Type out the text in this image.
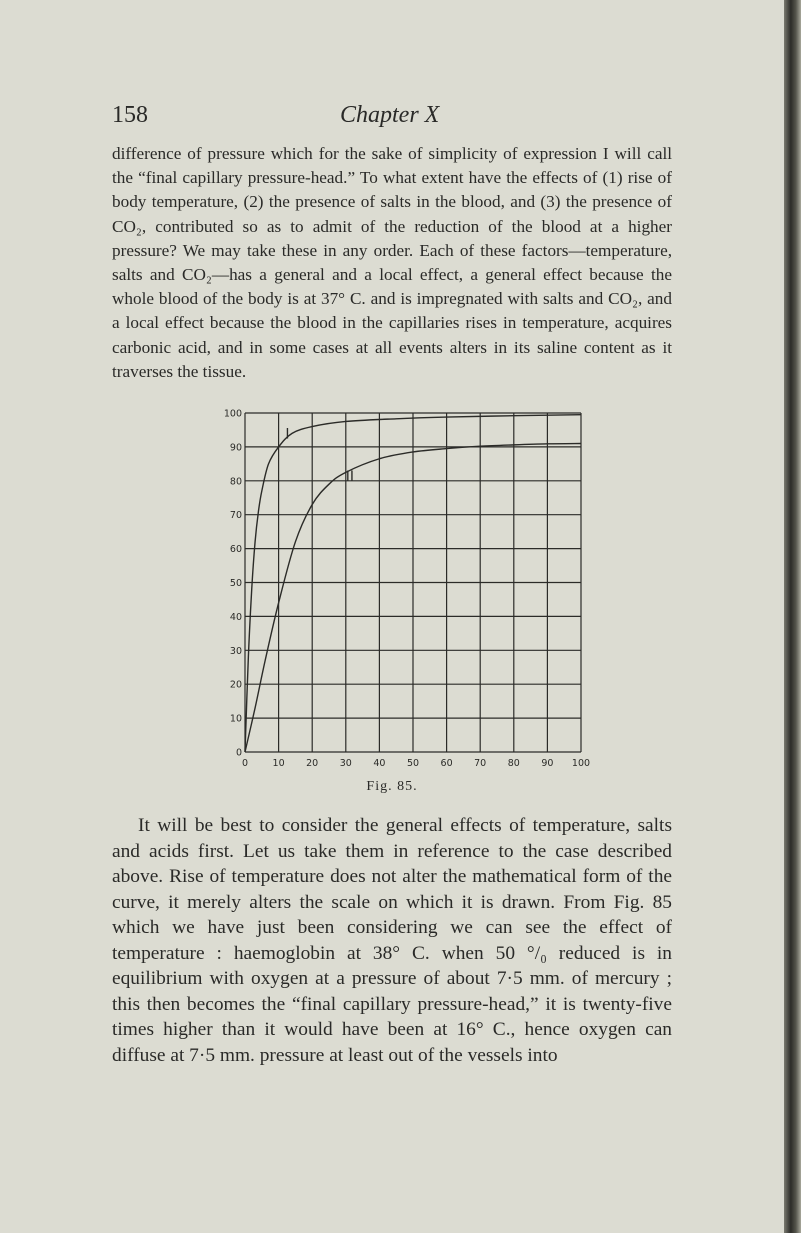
158	Chapter X

difference of pressure which for the sake of simplicity of expression I will call the “final capillary pressure-head.” To what extent have the effects of (1) rise of body temperature, (2) the presence of salts in the blood, and (3) the presence of CO₂, contributed so as to admit of the reduction of the blood at a higher pressure? We may take these in any order. Each of these factors—temperature, salts and CO₂—has a general and a local effect, a general effect because the whole blood of the body is at 37° C. and is impregnated with salts and CO₂, and a local effect because the blood in the capillaries rises in temperature, acquires carbonic acid, and in some cases at all events alters in its saline content as it traverses the tissue.

0	10 20 30 40 50 60 70 80 90 100
0
10
20
30
40
50
60
70
80
90
100
I
II
Fig. 85.

It will be best to consider the general effects of temperature, salts and acids first. Let us take them in reference to the case described above. Rise of temperature does not alter the mathematical form of the curve, it merely alters the scale on which it is drawn. From Fig. 85 which we have just been considering we can see the effect of temperature : haemoglobin at 38° C. when 50 °/₀ reduced is in equilibrium with oxygen at a pressure of about 7·5 mm. of mercury ; this then becomes the “final capillary pressure-head,” it is twenty-five times higher than it would have been at 16° C., hence oxygen can diffuse at 7·5 mm. pressure at least out of the vessels into
